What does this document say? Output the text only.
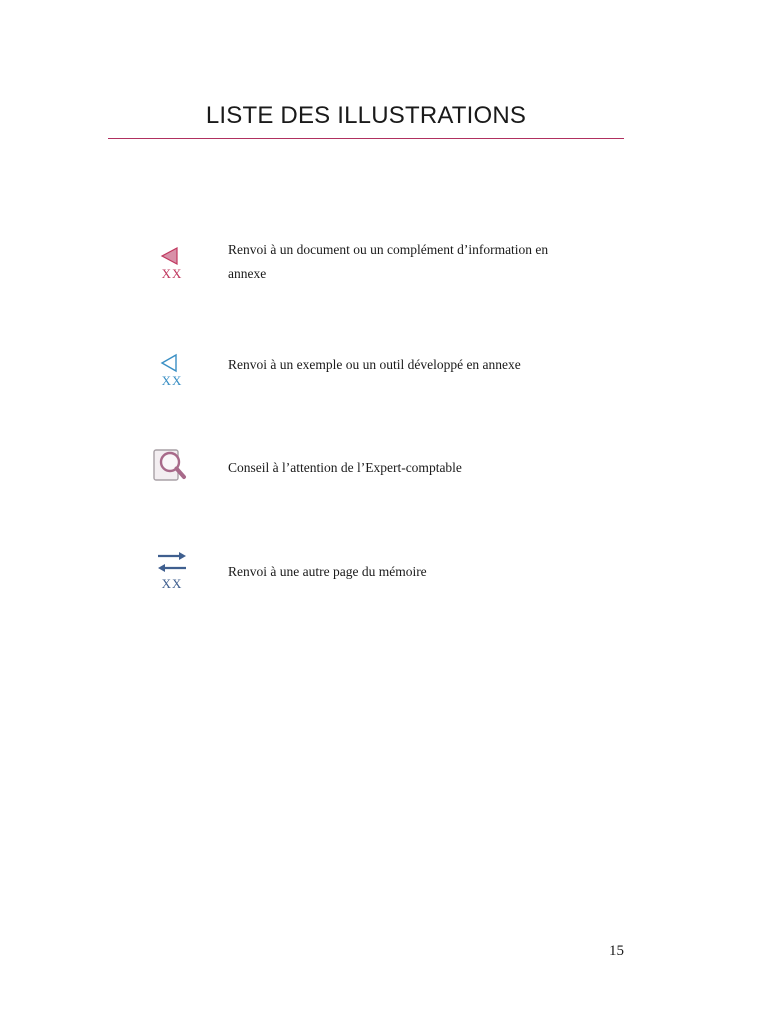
LISTE DES ILLUSTRATIONS
XX
Renvoi à un document ou un complément d’information en annexe
XX
Renvoi à un exemple ou un outil développé en annexe
Conseil à l’attention de l’Expert-comptable
XX
Renvoi à une autre page du mémoire
15
